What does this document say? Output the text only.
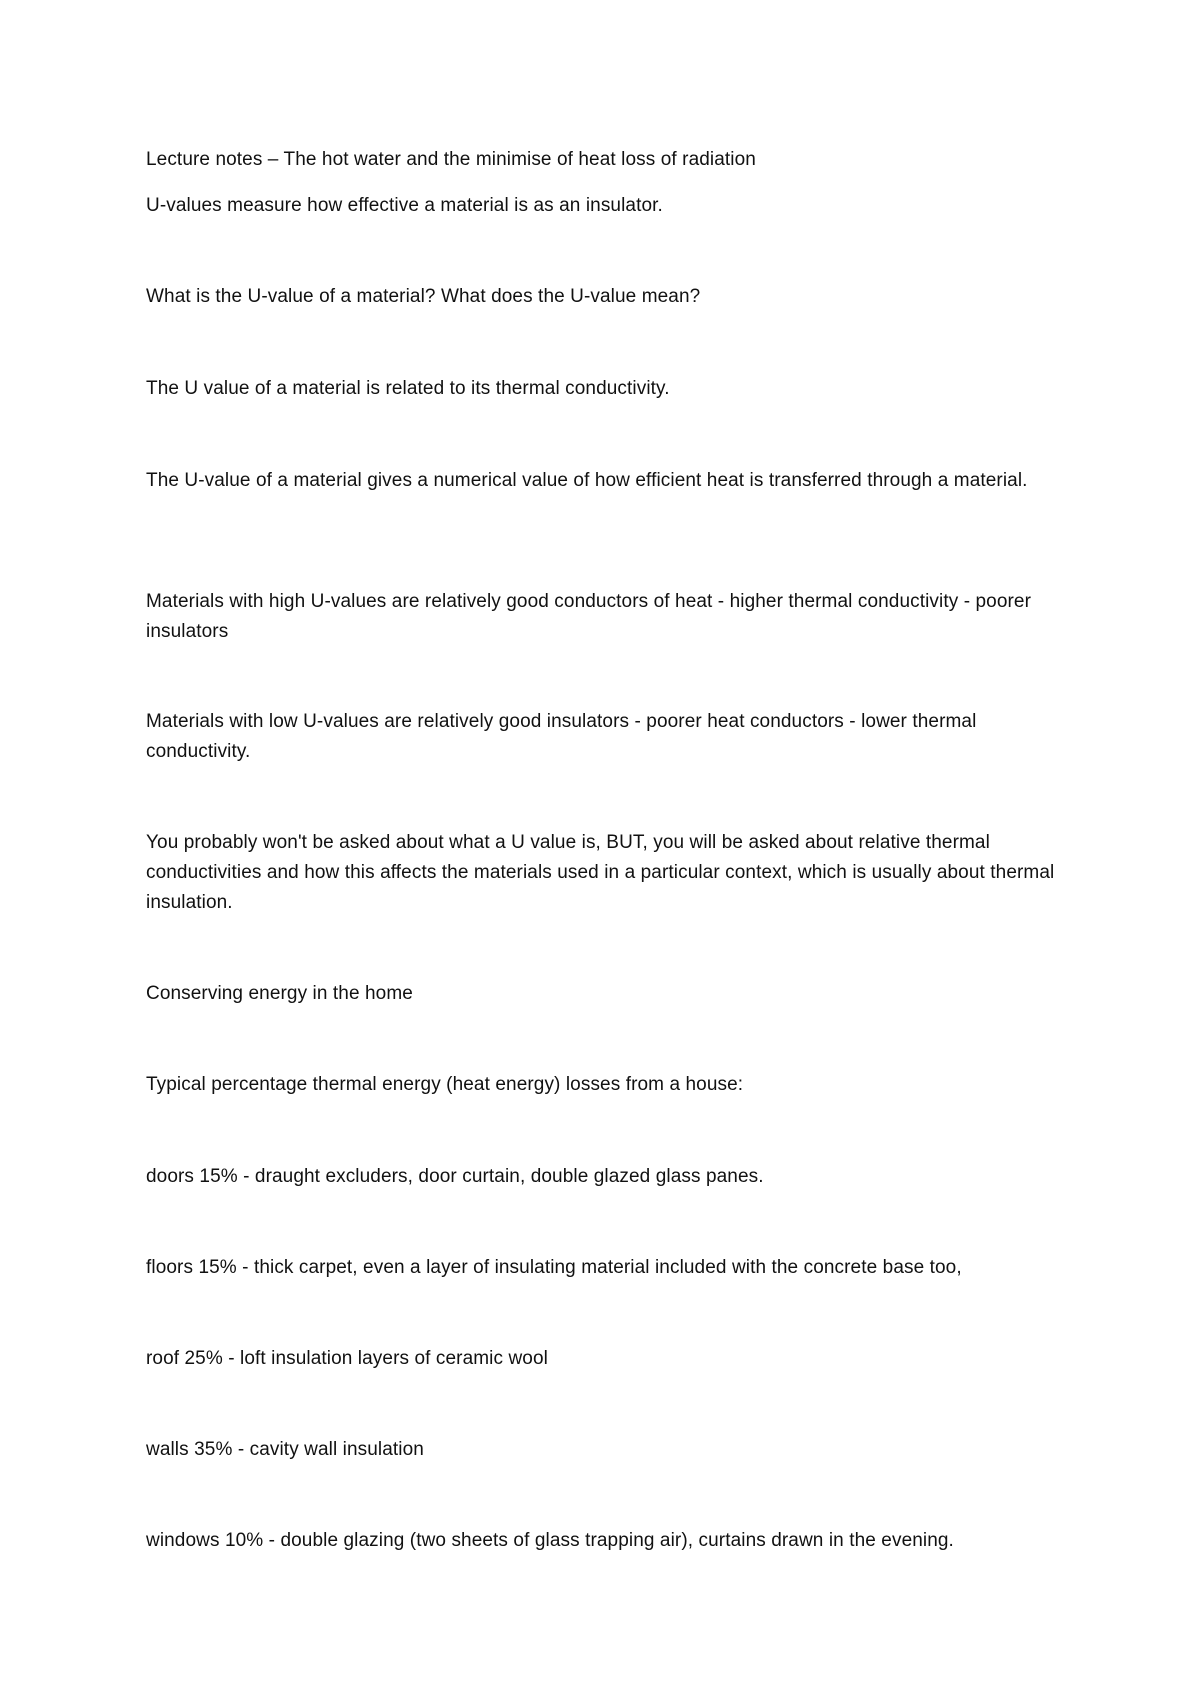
Lecture notes – The hot water and the minimise of heat loss of radiation
U-values measure how effective a material is as an insulator.
What is the U-value of a material? What does the U-value mean?
The U value of a material is related to its thermal conductivity.
The U-value of a material gives a numerical value of how efficient heat is transferred through a material.
Materials with high U-values are relatively good conductors of heat - higher thermal conductivity - poorer insulators
Materials with low U-values are relatively good insulators - poorer heat conductors - lower thermal conductivity.
You probably won't be asked about what a U value is, BUT, you will be asked about relative thermal conductivities and how this affects the materials used in a particular context, which is usually about thermal insulation.
Conserving energy in the home
Typical percentage thermal energy (heat energy) losses from a house:
doors 15% - draught excluders, door curtain, double glazed glass panes.
floors 15% - thick carpet, even a layer of insulating material included with the concrete base too,
roof 25% - loft insulation layers of ceramic wool
walls 35% - cavity wall insulation
windows 10% - double glazing (two sheets of glass trapping air), curtains drawn in the evening.
